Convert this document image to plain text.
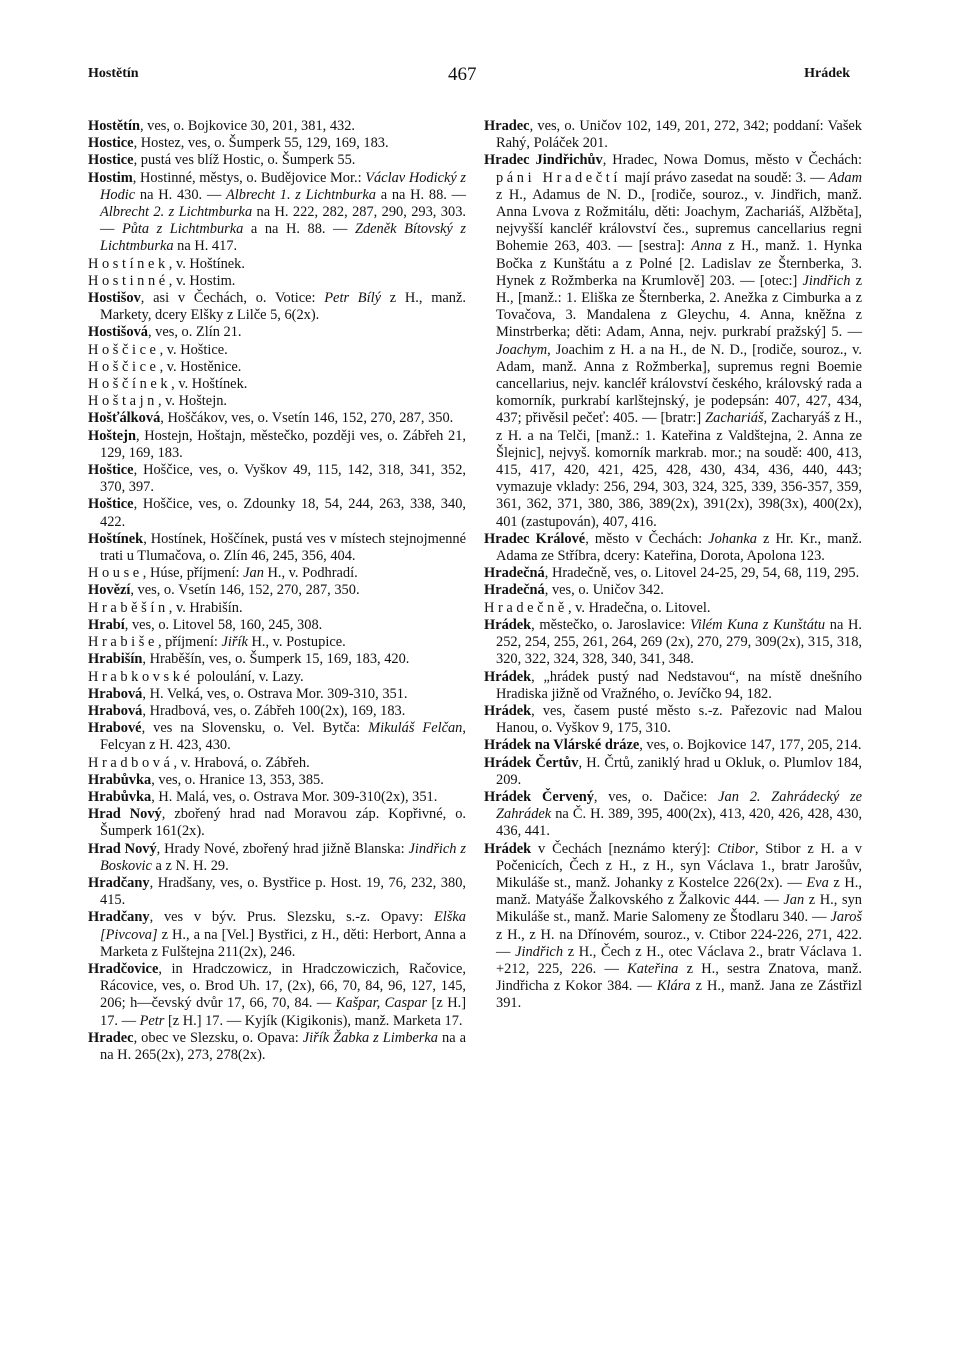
Hostětín	467	Hrádek

Hostětín, ves, o. Bojkovice 30, 201, 381, 432.

Hostice, Hostez, ves, o. Šumperk 55, 129, 169, 183.

Hostice, pustá ves blíž Hostic, o. Šumperk 55.

Hostim, Hostinné, městys, o. Budějovice Mor.: Václav Hodický z Hodic na H. 430. — Albrecht 1. z Lichtnburka a na H. 88. — Albrecht 2. z Lichtmburka na H. 222, 282, 287, 290, 293, 303. — Půta z Lichtmburka a na H. 88. — Zdeněk Bítovský z Lichtmburka na H. 417.

Hostínek, v. Hoštínek.

Hostinné, v. Hostim.

Hostišov, asi v Čechách, o. Votice: Petr Bílý z H., manž. Markety, dcery Elšky z Lilče 5, 6(2x).

Hostišová, ves, o. Zlín 21.

Hoščice, v. Hoštice.

Hoščice, v. Hostěnice.

Hoščínek, v. Hoštínek.

Hoštajn, v. Hoštejn.

Hošťálková, Hoščákov, ves, o. Vsetín 146, 152, 270, 287, 350.

Hoštejn, Hostejn, Hoštajn, městečko, později ves, o. Zábřeh 21, 129, 169, 183.

Hoštice, Hoščice, ves, o. Vyškov 49, 115, 142, 318, 341, 352, 370, 397.

Hoštice, Hoščice, ves, o. Zdounky 18, 54, 244, 263, 338, 340, 422.

Hoštínek, Hostínek, Hoščínek, pustá ves v místech stejnojmenné trati u Tlumačova, o. Zlín 46, 245, 356, 404.

House, Húse, příjmení: Jan H., v. Podhradí.

Hovězí, ves, o. Vsetín 146, 152, 270, 287, 350.

Hraběšín, v. Hrabišín.

Hrabí, ves, o. Litovel 58, 160, 245, 308.

Hrabiše, příjmení: Jiřík H., v. Postupice.

Hrabišín, Hraběšín, ves, o. Šumperk 15, 169, 183, 420.

Hrabkovské poloulání, v. Lazy.

Hrabová, H. Velká, ves, o. Ostrava Mor. 309-310, 351.

Hrabová, Hradbová, ves, o. Zábřeh 100(2x), 169, 183.

Hrabové, ves na Slovensku, o. Vel. Bytča: Mikuláš Felčan, Felcyan z H. 423, 430.

Hradbová, v. Hrabová, o. Zábřeh.

Hrabůvka, ves, o. Hranice 13, 353, 385.

Hrabůvka, H. Malá, ves, o. Ostrava Mor. 309-310(2x), 351.

Hrad Nový, zbořený hrad nad Moravou záp. Kopřivné, o. Šumperk 161(2x).

Hrad Nový, Hrady Nové, zbořený hrad jižně Blanska: Jindřich z Boskovic a z N. H. 29.

Hradčany, Hradšany, ves, o. Bystřice p. Host. 19, 76, 232, 380, 415.

Hradčany, ves v býv. Prus. Slezsku, s.-z. Opavy: Elška [Pivcova] z H., a na [Vel.] Bystřici, z H., děti: Herbort, Anna a Marketa z Fulštejna 211(2x), 246.

Hradčovice, in Hradczowicz, in Hradczowiczich, Račovice, Rácovice, ves, o. Brod Uh. 17, (2x), 66, 70, 84, 96, 127, 145, 206; h—čevský dvůr 17, 66, 70, 84. — Kašpar, Caspar [z H.] 17. — Petr [z H.] 17. — Kyjík (Kigikonis), manž. Marketa 17.

Hradec, obec ve Slezsku, o. Opava: Jiřík Žabka z Limberka na a na H. 265(2x), 273, 278(2x).

Hradec, ves, o. Uničov 102, 149, 201, 272, 342; poddaní: Vašek Rahý, Poláček 201.

Hradec Jindřichův, Hradec, Nowa Domus, město v Čechách: páni Hradečtí mají právo zasedat na soudě: 3. — Adam z H., Adamus de N. D., [rodiče, souroz., v. Jindřich, manž. Anna Lvova z Rožmitálu, děti: Joachym, Zachariáš, Alžběta], nejvyšší kancléř království čes., supremus cancellarius regni Bohemie 263, 403. — [sestra]: Anna z H., manž. 1. Hynka Bočka z Kunštátu a z Polné [2. Ladislav ze Šternberka, 3. Hynek z Rožmberka na Krumlově] 203. — [otec:] Jindřich z H., [manž.: 1. Eliška ze Šternberka, 2. Anežka z Cimburka a z Tovačova, 3. Mandalena z Gleychu, 4. Anna, kněžna z Minstrberka; děti: Adam, Anna, nejv. purkrabí pražský] 5. — Joachym, Joachim z H. a na H., de N. D., [rodiče, souroz., v. Adam, manž. Anna z Rožmberka], supremus regni Boemie cancellarius, nejv. kancléř království českého, královský rada a komorník, purkrabí karlštejnský, je podepsán: 407, 427, 434, 437; přivěsil pečeť: 405. — [bratr:] Zachariáš, Zacharyáš z H., z H. a na Telči, [manž.: 1. Kateřina z Valdštejna, 2. Anna ze Šlejnic], nejvyš. komorník markrab. mor.; na soudě: 400, 413, 415, 417, 420, 421, 425, 428, 430, 434, 436, 440, 443; vymazuje vklady: 256, 294, 303, 324, 325, 339, 356-357, 359, 361, 362, 371, 380, 386, 389(2x), 391(2x), 398(3x), 400(2x), 401 (zastupován), 407, 416.

Hradec Králové, město v Čechách: Johanka z Hr. Kr., manž. Adama ze Stříbra, dcery: Kateřina, Dorota, Apolona 123.

Hradečná, Hradečně, ves, o. Litovel 24-25, 29, 54, 68, 119, 295.

Hradečná, ves, o. Uničov 342.

Hradečně, v. Hradečna, o. Litovel.

Hrádek, městečko, o. Jaroslavice: Vilém Kuna z Kunštátu na H. 252, 254, 255, 261, 264, 269 (2x), 270, 279, 309(2x), 315, 318, 320, 322, 324, 328, 340, 341, 348.

Hrádek, „hrádek pustý nad Nedstavou“, na místě dnešního Hradiska jižně od Vražného, o. Jevíčko 94, 182.

Hrádek, ves, časem pusté město s.-z. Pařezovic nad Malou Hanou, o. Vyškov 9, 175, 310.

Hrádek na Vlárské dráze, ves, o. Bojkovice 147, 177, 205, 214.

Hrádek Čertův, H. Črtů, zaniklý hrad u Okluk, o. Plumlov 184, 209.

Hrádek Červený, ves, o. Dačice: Jan 2. Zahrádecký ze Zahrádek na Č. H. 389, 395, 400(2x), 413, 420, 426, 428, 430, 436, 441.

Hrádek v Čechách [neznámo který]: Ctibor, Stibor z H. a v Počenicích, Čech z H., z H., syn Václava 1., bratr Jarošův, Mikuláše st., manž. Johanky z Kostelce 226(2x). — Eva z H., manž. Matyáše Žalkovského z Žalkovic 444. — Jan z H., syn Mikuláše st., manž. Marie Salomeny ze Štodlaru 340. — Jaroš z H., z H. na Dřínovém, souroz., v. Ctibor 224-226, 271, 422. — Jindřich z H., Čech z H., otec Václava 2., bratr Václava 1. +212, 225, 226. — Kateřina z H., sestra Znatova, manž. Jindřicha z Kokor 384. — Klára z H., manž. Jana ze Zástřizl 391.
